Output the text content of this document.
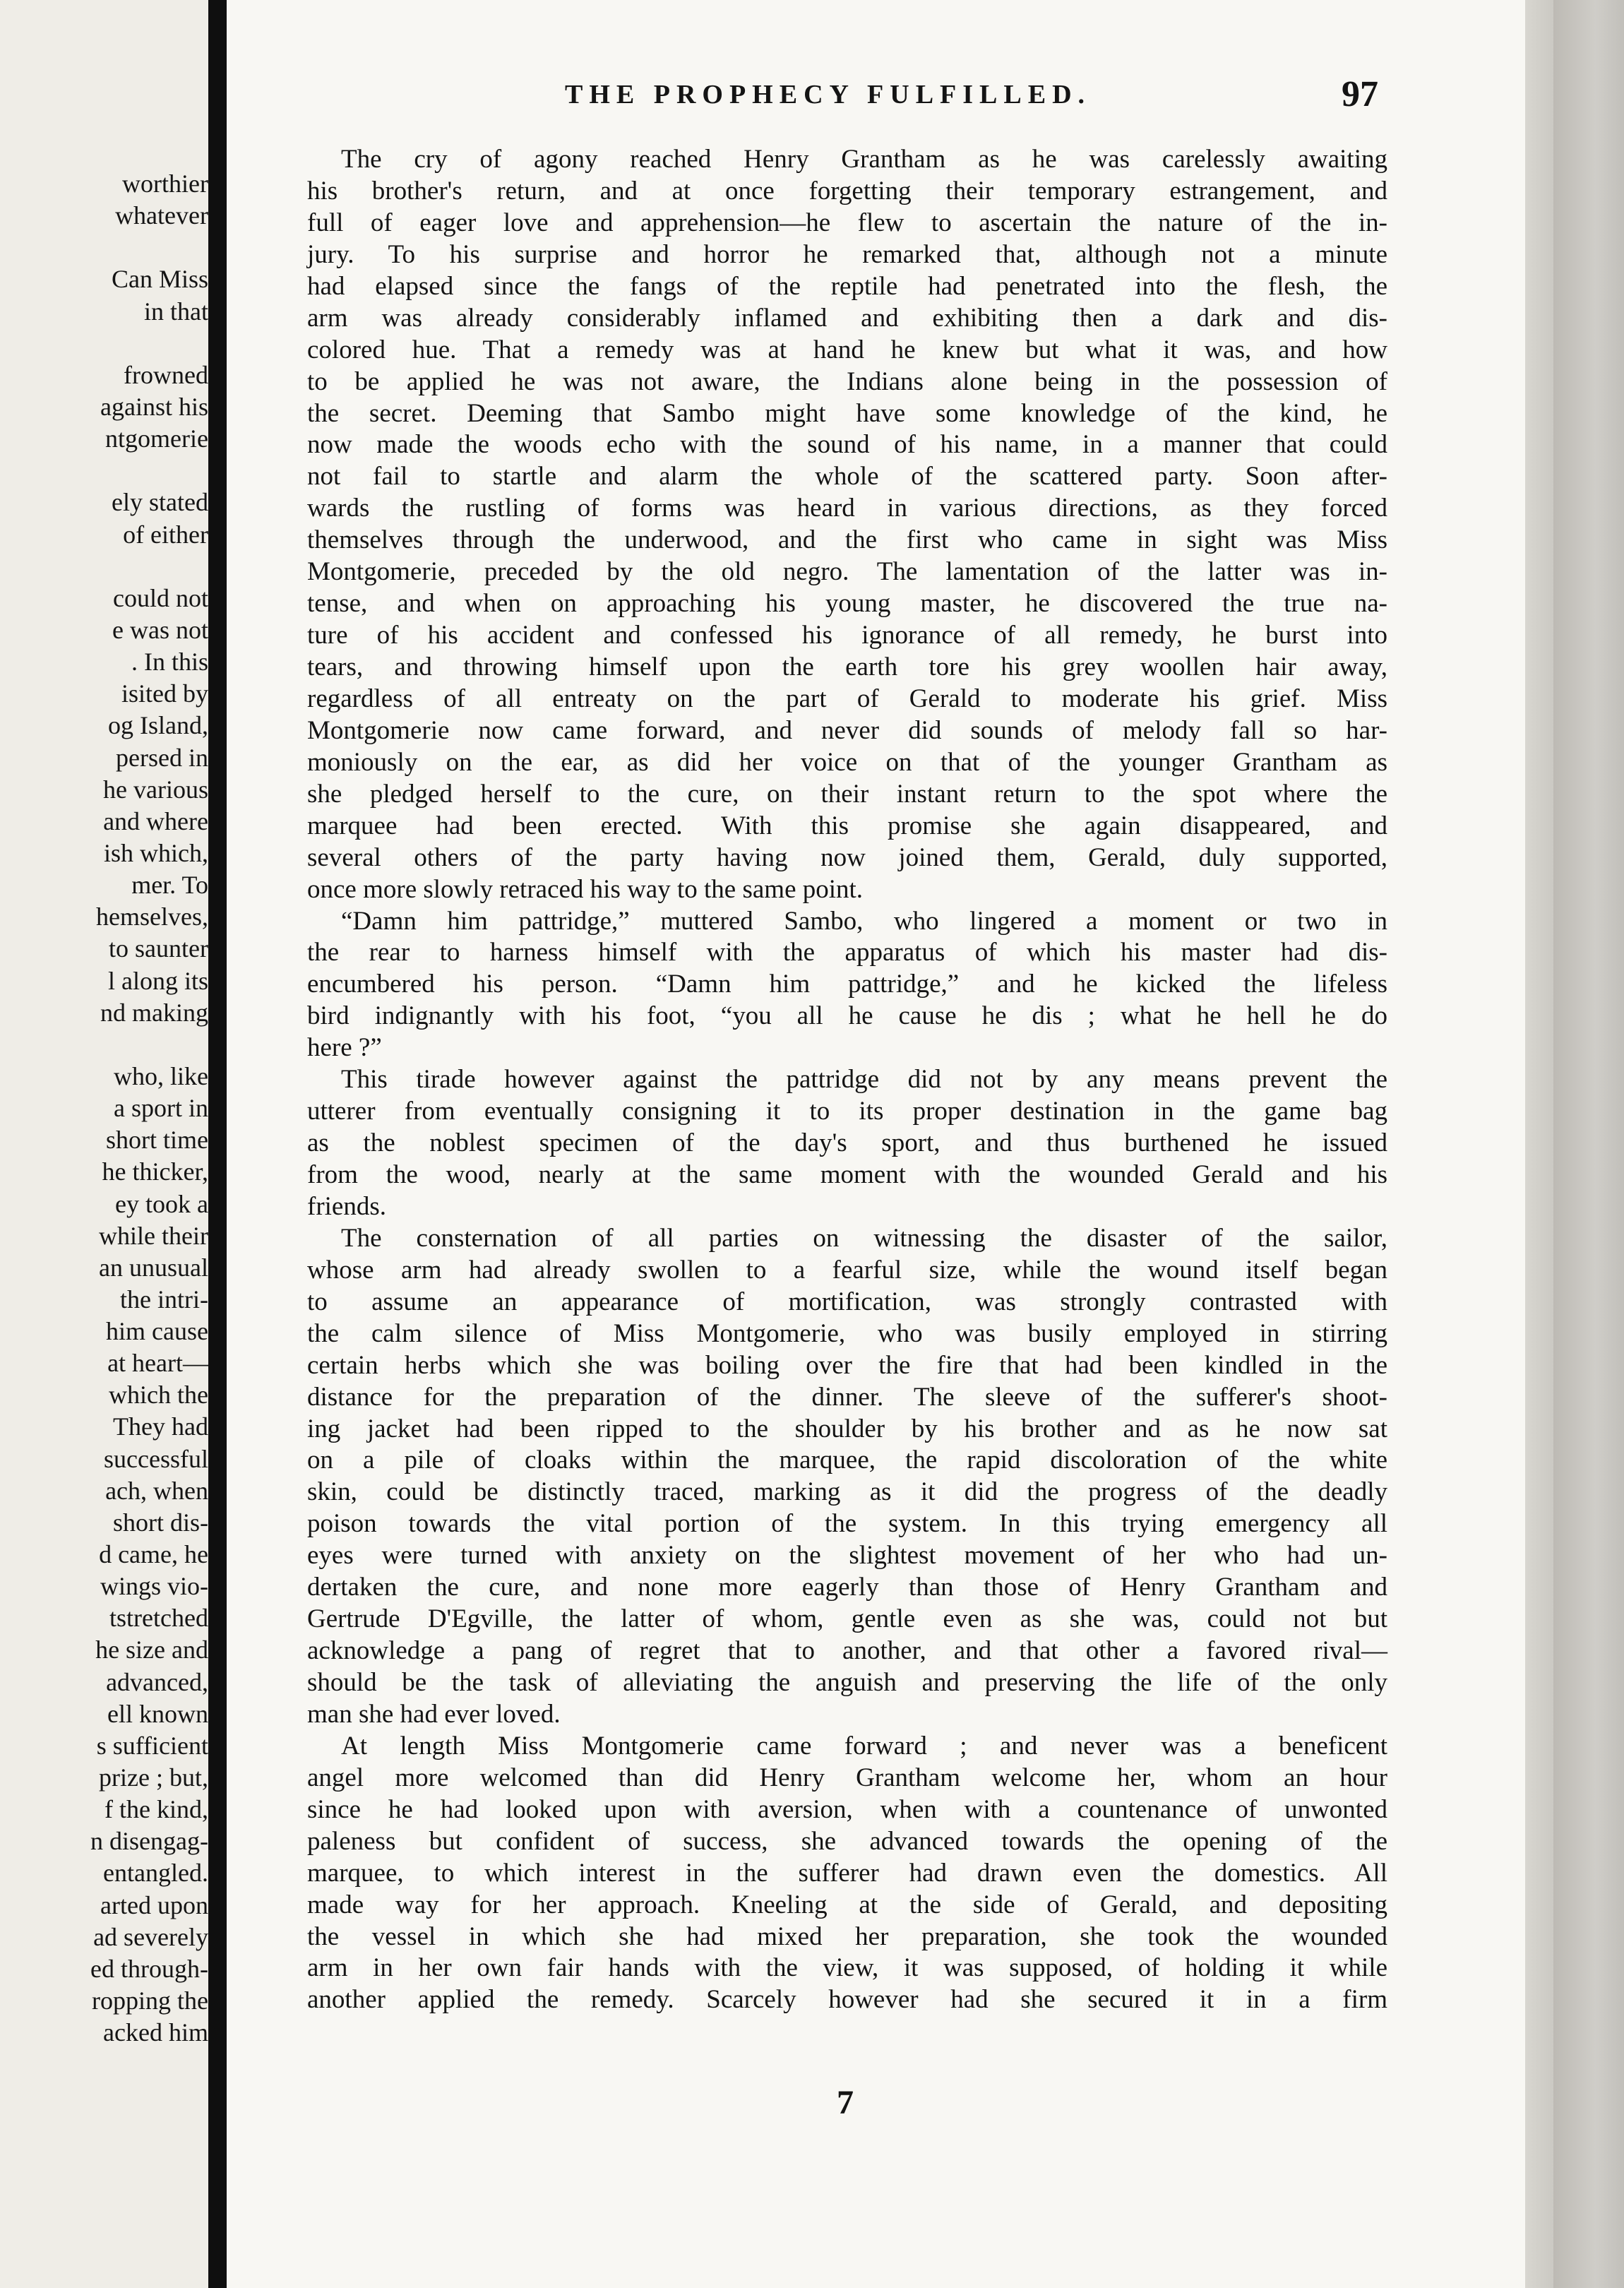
worthier
whatever
Can Miss
in that
frowned
against his
ntgomerie
ely stated
of either
could not
e was not
. In this
isited by
og Island,
persed in
he various
and where
ish which,
mer. To
hemselves,
to saunter
l along its
nd making
who, like
a sport in
short time
he thicker,
ey took a
while their
an unusual
the intri-
him cause
at heart—
which the
They had
successful
ach, when
short dis-
d came, he
wings vio-
tstretched
he size and
advanced,
ell known
s sufficient
prize ; but,
f the kind,
n disengag-
entangled.
arted upon
ad severely
ed through-
ropping the
acked him
THE PROPHECY FULFILLED.	97
The cry of agony reached Henry Grantham as he was carelessly awaiting
his brother's return, and at once forgetting their temporary estrangement, and
full of eager love and apprehension—he flew to ascertain the nature of the in-
jury. To his surprise and horror he remarked that, although not a minute
had elapsed since the fangs of the reptile had penetrated into the flesh, the
arm was already considerably inflamed and exhibiting then a dark and dis-
colored hue. That a remedy was at hand he knew but what it was, and how
to be applied he was not aware, the Indians alone being in the possession of
the secret. Deeming that Sambo might have some knowledge of the kind, he
now made the woods echo with the sound of his name, in a manner that could
not fail to startle and alarm the whole of the scattered party. Soon after-
wards the rustling of forms was heard in various directions, as they forced
themselves through the underwood, and the first who came in sight was Miss
Montgomerie, preceded by the old negro. The lamentation of the latter was in-
tense, and when on approaching his young master, he discovered the true na-
ture of his accident and confessed his ignorance of all remedy, he burst into
tears, and throwing himself upon the earth tore his grey woollen hair away,
regardless of all entreaty on the part of Gerald to moderate his grief. Miss
Montgomerie now came forward, and never did sounds of melody fall so har-
moniously on the ear, as did her voice on that of the younger Grantham as
she pledged herself to the cure, on their instant return to the spot where the
marquee had been erected. With this promise she again disappeared, and
several others of the party having now joined them, Gerald, duly supported,
once more slowly retraced his way to the same point.
“Damn him pattridge,” muttered Sambo, who lingered a moment or two in
the rear to harness himself with the apparatus of which his master had dis-
encumbered his person. “Damn him pattridge,” and he kicked the lifeless
bird indignantly with his foot, “you all he cause he dis ; what he hell he do
here ?”
This tirade however against the pattridge did not by any means prevent the
utterer from eventually consigning it to its proper destination in the game bag
as the noblest specimen of the day's sport, and thus burthened he issued
from the wood, nearly at the same moment with the wounded Gerald and his
friends.
The consternation of all parties on witnessing the disaster of the sailor,
whose arm had already swollen to a fearful size, while the wound itself began
to assume an appearance of mortification, was strongly contrasted with
the calm silence of Miss Montgomerie, who was busily employed in stirring
certain herbs which she was boiling over the fire that had been kindled in the
distance for the preparation of the dinner. The sleeve of the sufferer's shoot-
ing jacket had been ripped to the shoulder by his brother and as he now sat
on a pile of cloaks within the marquee, the rapid discoloration of the white
skin, could be distinctly traced, marking as it did the progress of the deadly
poison towards the vital portion of the system. In this trying emergency all
eyes were turned with anxiety on the slightest movement of her who had un-
dertaken the cure, and none more eagerly than those of Henry Grantham and
Gertrude D'Egville, the latter of whom, gentle even as she was, could not but
acknowledge a pang of regret that to another, and that other a favored rival—
should be the task of alleviating the anguish and preserving the life of the only
man she had ever loved.
At length Miss Montgomerie came forward ; and never was a beneficent
angel more welcomed than did Henry Grantham welcome her, whom an hour
since he had looked upon with aversion, when with a countenance of unwonted
paleness but confident of success, she advanced towards the opening of the
marquee, to which interest in the sufferer had drawn even the domestics. All
made way for her approach. Kneeling at the side of Gerald, and depositing
the vessel in which she had mixed her preparation, she took the wounded
arm in her own fair hands with the view, it was supposed, of holding it while
another applied the remedy. Scarcely however had she secured it in a firm
7
